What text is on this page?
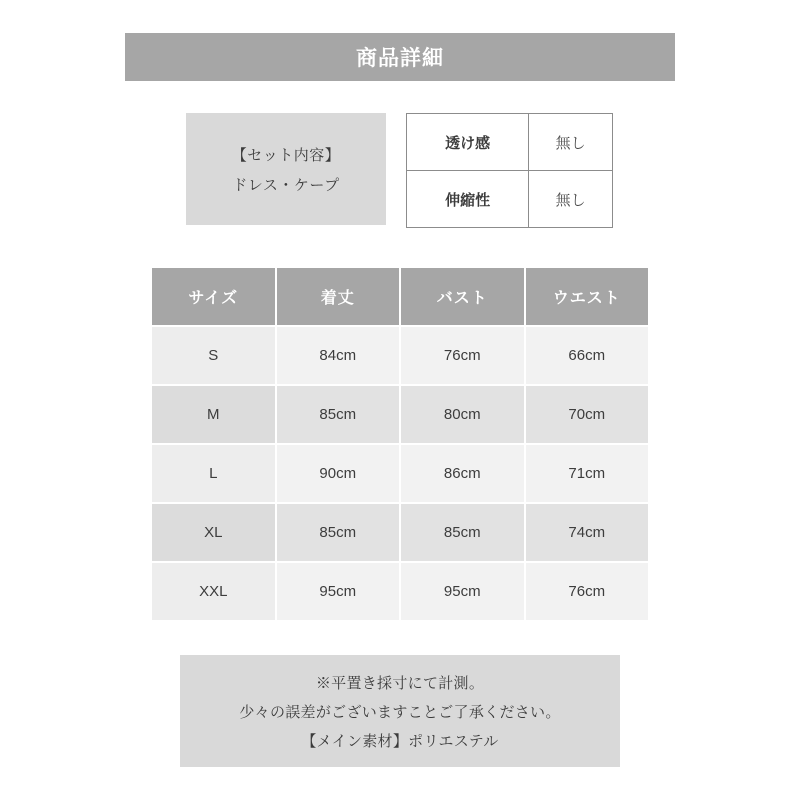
商品詳細
【セット内容】
ドレス・ケープ
透け感	無し
伸縮性	無し
サイズ	着丈	バスト	ウエスト
S	84cm	76cm	66cm
M	85cm	80cm	70cm
L	90cm	86cm	71cm
XL	85cm	85cm	74cm
XXL	95cm	95cm	76cm
※平置き採寸にて計測。
少々の誤差がございますことご了承ください。
【メイン素材】ポリエステル
